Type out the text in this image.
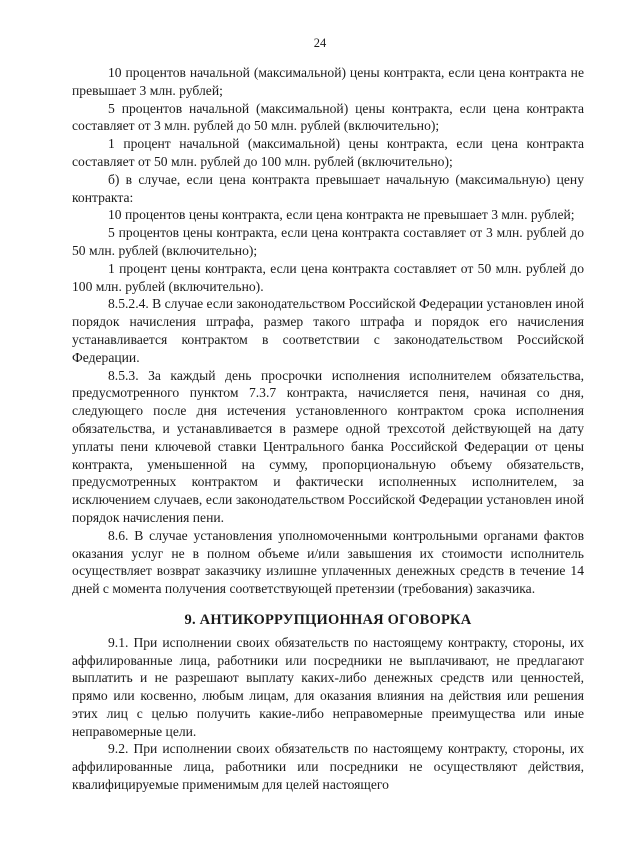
24

10 процентов начальной (максимальной) цены контракта, если цена контракта не превышает 3 млн. рублей;

5 процентов начальной (максимальной) цены контракта, если цена контракта составляет от 3 млн. рублей до 50 млн. рублей (включительно);

1 процент начальной (максимальной) цены контракта, если цена контракта составляет от 50 млн. рублей до 100 млн. рублей (включительно);

б) в случае, если цена контракта превышает начальную (максимальную) цену контракта:

10 процентов цены контракта, если цена контракта не превышает 3 млн. рублей;

5 процентов цены контракта, если цена контракта составляет от 3 млн. рублей до 50 млн. рублей (включительно);

1 процент цены контракта, если цена контракта составляет от 50 млн. рублей до 100 млн. рублей (включительно).

8.5.2.4. В случае если законодательством Российской Федерации установлен иной порядок начисления штрафа, размер такого штрафа и порядок его начисления устанавливается контрактом в соответствии с законодательством Российской Федерации.

8.5.3. За каждый день просрочки исполнения исполнителем обязательства, предусмотренного пунктом 7.3.7 контракта, начисляется пеня, начиная со дня, следующего после дня истечения установленного контрактом срока исполнения обязательства, и устанавливается в размере одной трехсотой действующей на дату уплаты пени ключевой ставки Центрального банка Российской Федерации от цены контракта, уменьшенной на сумму, пропорциональную объему обязательств, предусмотренных контрактом и фактически исполненных исполнителем, за исключением случаев, если законодательством Российской Федерации установлен иной порядок начисления пени.

8.6. В случае установления уполномоченными контрольными органами фактов оказания услуг не в полном объеме и/или завышения их стоимости исполнитель осуществляет возврат заказчику излишне уплаченных денежных средств в течение 14 дней с момента получения соответствующей претензии (требования) заказчика.

9. АНТИКОРРУПЦИОННАЯ ОГОВОРКА

9.1. При исполнении своих обязательств по настоящему контракту, стороны, их аффилированные лица, работники или посредники не выплачивают, не предлагают выплатить и не разрешают выплату каких-либо денежных средств или ценностей, прямо или косвенно, любым лицам, для оказания влияния на действия или решения этих лиц с целью получить какие-либо неправомерные преимущества или иные неправомерные цели.

9.2. При исполнении своих обязательств по настоящему контракту, стороны, их аффилированные лица, работники или посредники не осуществляют действия, квалифицируемые применимым для целей настоящего
